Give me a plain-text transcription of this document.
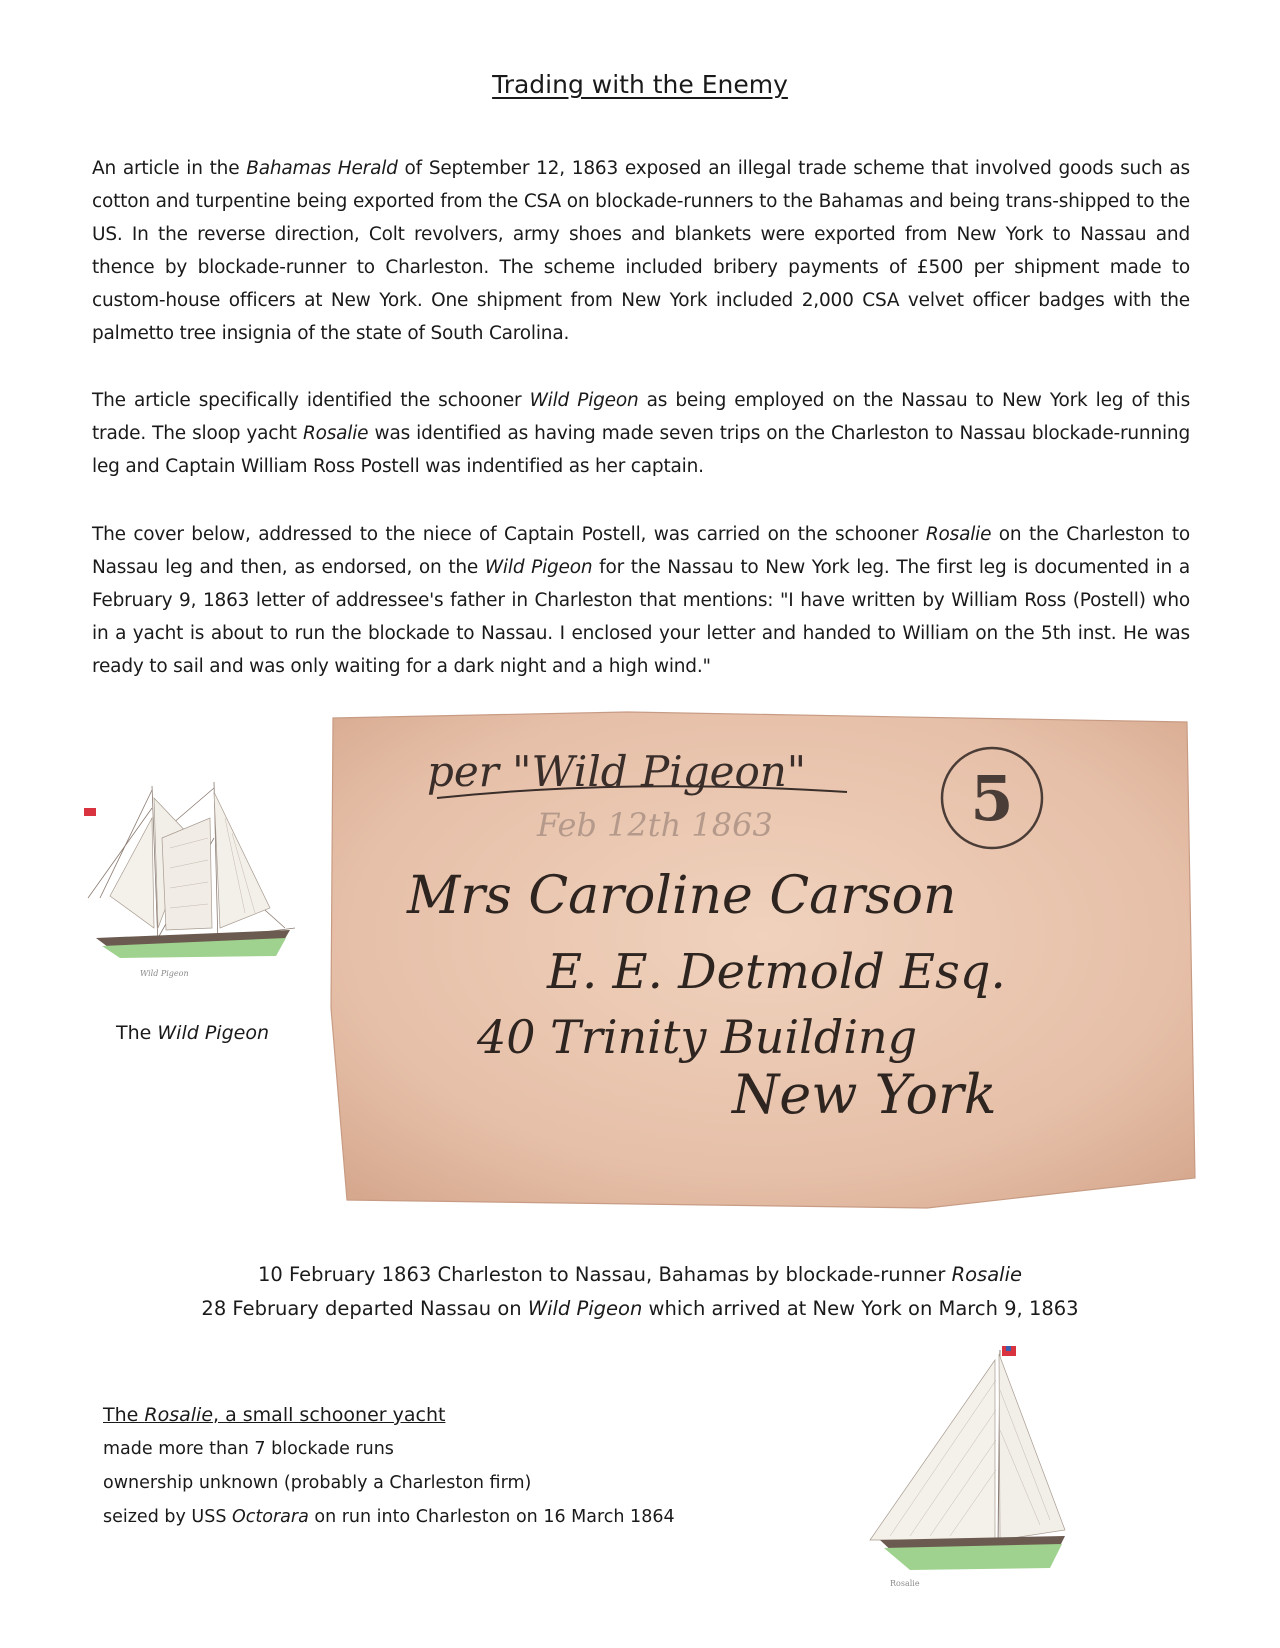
Trading with the Enemy

An article in the Bahamas Herald of September 12, 1863 exposed an illegal trade scheme that involved goods such as cotton and turpentine being exported from the CSA on blockade-runners to the Bahamas and being trans-shipped to the US. In the reverse direction, Colt revolvers, army shoes and blankets were exported from New York to Nassau and thence by blockade-runner to Charleston. The scheme included bribery payments of £500 per shipment made to custom-house officers at New York. One shipment from New York included 2,000 CSA velvet officer badges with the palmetto tree insignia of the state of South Carolina.

The article specifically identified the schooner Wild Pigeon as being employed on the Nassau to New York leg of this trade. The sloop yacht Rosalie was identified as having made seven trips on the Charleston to Nassau blockade-running leg and Captain William Ross Postell was indentified as her captain.

The cover below, addressed to the niece of Captain Postell, was carried on the schooner Rosalie on the Charleston to Nassau leg and then, as endorsed, on the Wild Pigeon for the Nassau to New York leg. The first leg is documented in a February 9, 1863 letter of addressee's father in Charleston that mentions: "I have written by William Ross (Postell) who in a yacht is about to run the blockade to Nassau. I enclosed your letter and handed to William on the 5th inst. He was ready to sail and was only waiting for a dark night and a high wind."

Wild Pigeon
The Wild Pigeon
per "Wild Pigeon"
Feb 12th 1863	5
Mrs Caroline Carson
E. E. Detmold Esq.
40 Trinity Building
New York
10 February 1863 Charleston to Nassau, Bahamas by blockade-runner Rosalie
28 February departed Nassau on Wild Pigeon which arrived at New York on March 9, 1863
The Rosalie, a small schooner yacht
made more than 7 blockade runs
ownership unknown (probably a Charleston firm)
seized by USS Octorara on run into Charleston on 16 March 1864
Rosalie
